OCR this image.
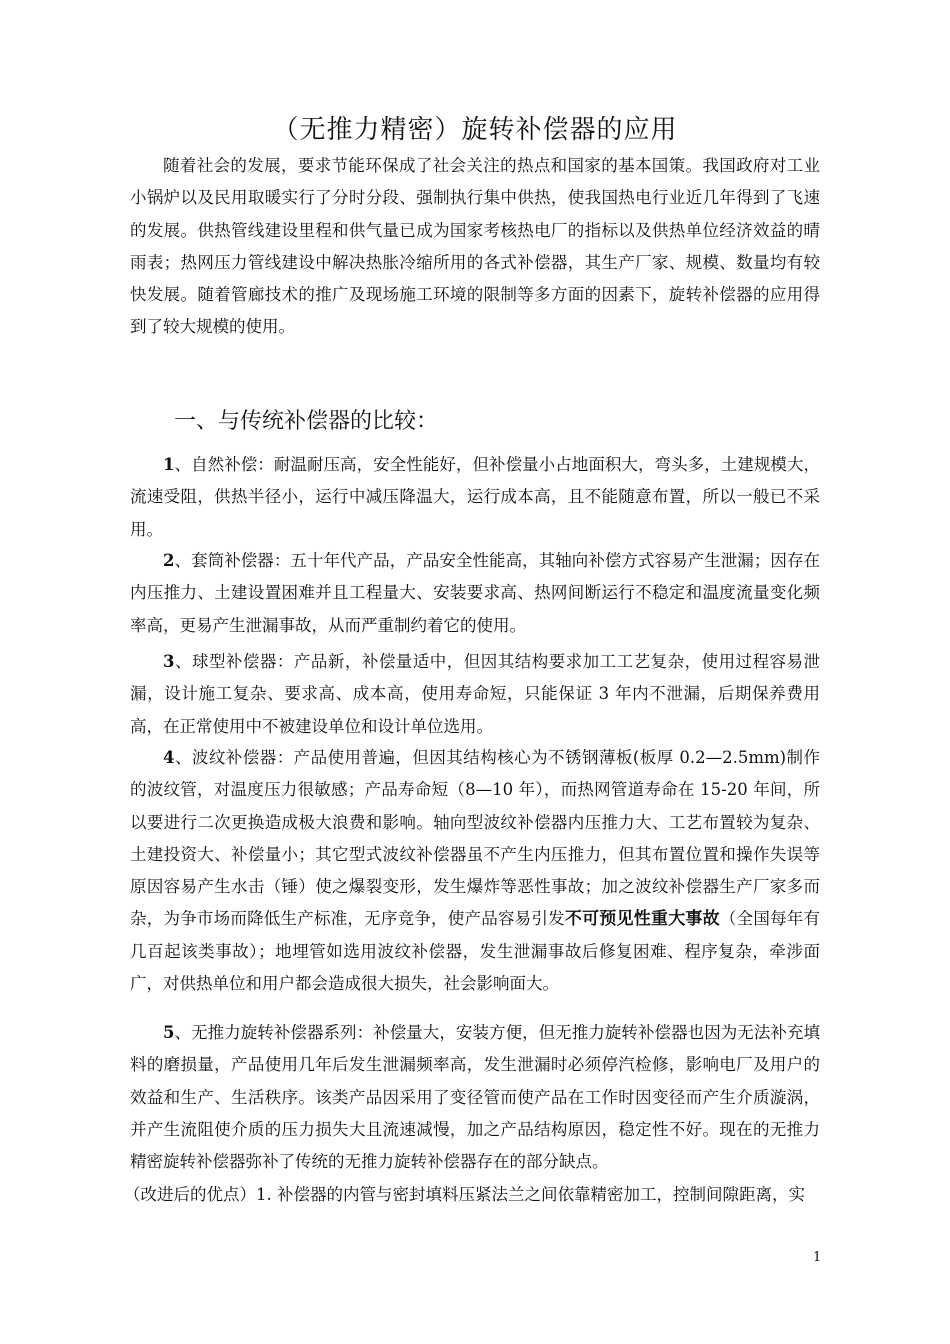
（无推力精密）旋转补偿器的应用

随着社会的发展，要求节能环保成了社会关注的热点和国家的基本国策。我国政府对工业小锅炉以及民用取暖实行了分时分段、强制执行集中供热，使我国热电行业近几年得到了飞速的发展。供热管线建设里程和供气量已成为国家考核热电厂的指标以及供热单位经济效益的晴雨表；热网压力管线建设中解决热胀冷缩所用的各式补偿器，其生产厂家、规模、数量均有较快发展。随着管廊技术的推广及现场施工环境的限制等多方面的因素下，旋转补偿器的应用得到了较大规模的使用。

一、与传统补偿器的比较：

1、自然补偿：耐温耐压高，安全性能好，但补偿量小占地面积大，弯头多，土建规模大，流速受阻，供热半径小，运行中减压降温大，运行成本高，且不能随意布置，所以一般已不采用。

2、套筒补偿器：五十年代产品，产品安全性能高，其轴向补偿方式容易产生泄漏；因存在内压推力、土建设置困难并且工程量大、安装要求高、热网间断运行不稳定和温度流量变化频率高，更易产生泄漏事故，从而严重制约着它的使用。

3、球型补偿器：产品新，补偿量适中，但因其结构要求加工工艺复杂，使用过程容易泄漏，设计施工复杂、要求高、成本高，使用寿命短，只能保证 3 年内不泄漏，后期保养费用高，在正常使用中不被建设单位和设计单位选用。

4、波纹补偿器：产品使用普遍，但因其结构核心为不锈钢薄板(板厚 0.2—2.5mm)制作的波纹管，对温度压力很敏感；产品寿命短（8—10 年），而热网管道寿命在 15-20 年间，所以要进行二次更换造成极大浪费和影响。轴向型波纹补偿器内压推力大、工艺布置较为复杂、土建投资大、补偿量小；其它型式波纹补偿器虽不产生内压推力，但其布置位置和操作失误等原因容易产生水击（锤）使之爆裂变形，发生爆炸等恶性事故；加之波纹补偿器生产厂家多而杂，为争市场而降低生产标准，无序竞争，使产品容易引发不可预见性重大事故（全国每年有几百起该类事故）；地埋管如选用波纹补偿器，发生泄漏事故后修复困难、程序复杂，牵涉面广，对供热单位和用户都会造成很大损失，社会影响面大。

5、无推力旋转补偿器系列：补偿量大，安装方便，但无推力旋转补偿器也因为无法补充填料的磨损量，产品使用几年后发生泄漏频率高，发生泄漏时必须停汽检修，影响电厂及用户的效益和生产、生活秩序。该类产品因采用了变径管而使产品在工作时因变径而产生介质漩涡，并产生流阻使介质的压力损失大且流速减慢，加之产品结构原因，稳定性不好。现在的无推力精密旋转补偿器弥补了传统的无推力旋转补偿器存在的部分缺点。

（改进后的优点）1. 补偿器的内管与密封填料压紧法兰之间依靠精密加工，控制间隙距离，实

1
